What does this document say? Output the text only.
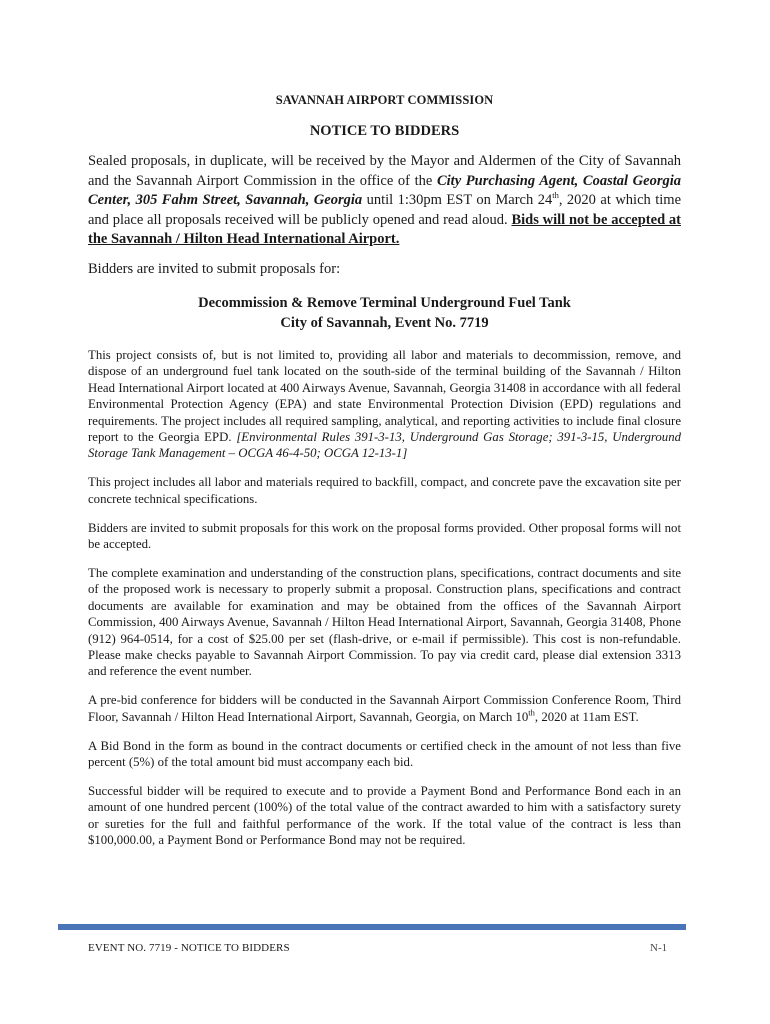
SAVANNAH AIRPORT COMMISSION

NOTICE TO BIDDERS

Sealed proposals, in duplicate, will be received by the Mayor and Aldermen of the City of Savannah and the Savannah Airport Commission in the office of the City Purchasing Agent, Coastal Georgia Center, 305 Fahm Street, Savannah, Georgia until 1:30pm EST on March 24th, 2020 at which time and place all proposals received will be publicly opened and read aloud. Bids will not be accepted at the Savannah / Hilton Head International Airport.

Bidders are invited to submit proposals for:

Decommission & Remove Terminal Underground Fuel Tank
City of Savannah, Event No. 7719

This project consists of, but is not limited to, providing all labor and materials to decommission, remove, and dispose of an underground fuel tank located on the south-side of the terminal building of the Savannah / Hilton Head International Airport located at 400 Airways Avenue, Savannah, Georgia 31408 in accordance with all federal Environmental Protection Agency (EPA) and state Environmental Protection Division (EPD) regulations and requirements. The project includes all required sampling, analytical, and reporting activities to include final closure report to the Georgia EPD. [Environmental Rules 391-3-13, Underground Gas Storage; 391-3-15, Underground Storage Tank Management – OCGA 46-4-50; OCGA 12-13-1]

This project includes all labor and materials required to backfill, compact, and concrete pave the excavation site per concrete technical specifications.

Bidders are invited to submit proposals for this work on the proposal forms provided. Other proposal forms will not be accepted.

The complete examination and understanding of the construction plans, specifications, contract documents and site of the proposed work is necessary to properly submit a proposal. Construction plans, specifications and contract documents are available for examination and may be obtained from the offices of the Savannah Airport Commission, 400 Airways Avenue, Savannah / Hilton Head International Airport, Savannah, Georgia 31408, Phone (912) 964-0514, for a cost of $25.00 per set (flash-drive, or e-mail if permissible). This cost is non-refundable. Please make checks payable to Savannah Airport Commission. To pay via credit card, please dial extension 3313 and reference the event number.

A pre-bid conference for bidders will be conducted in the Savannah Airport Commission Conference Room, Third Floor, Savannah / Hilton Head International Airport, Savannah, Georgia, on March 10th, 2020 at 11am EST.

A Bid Bond in the form as bound in the contract documents or certified check in the amount of not less than five percent (5%) of the total amount bid must accompany each bid.

Successful bidder will be required to execute and to provide a Payment Bond and Performance Bond each in an amount of one hundred percent (100%) of the total value of the contract awarded to him with a satisfactory surety or sureties for the full and faithful performance of the work. If the total value of the contract is less than $100,000.00, a Payment Bond or Performance Bond may not be required.

EVENT NO. 7719 - NOTICE TO BIDDERS	N-1
